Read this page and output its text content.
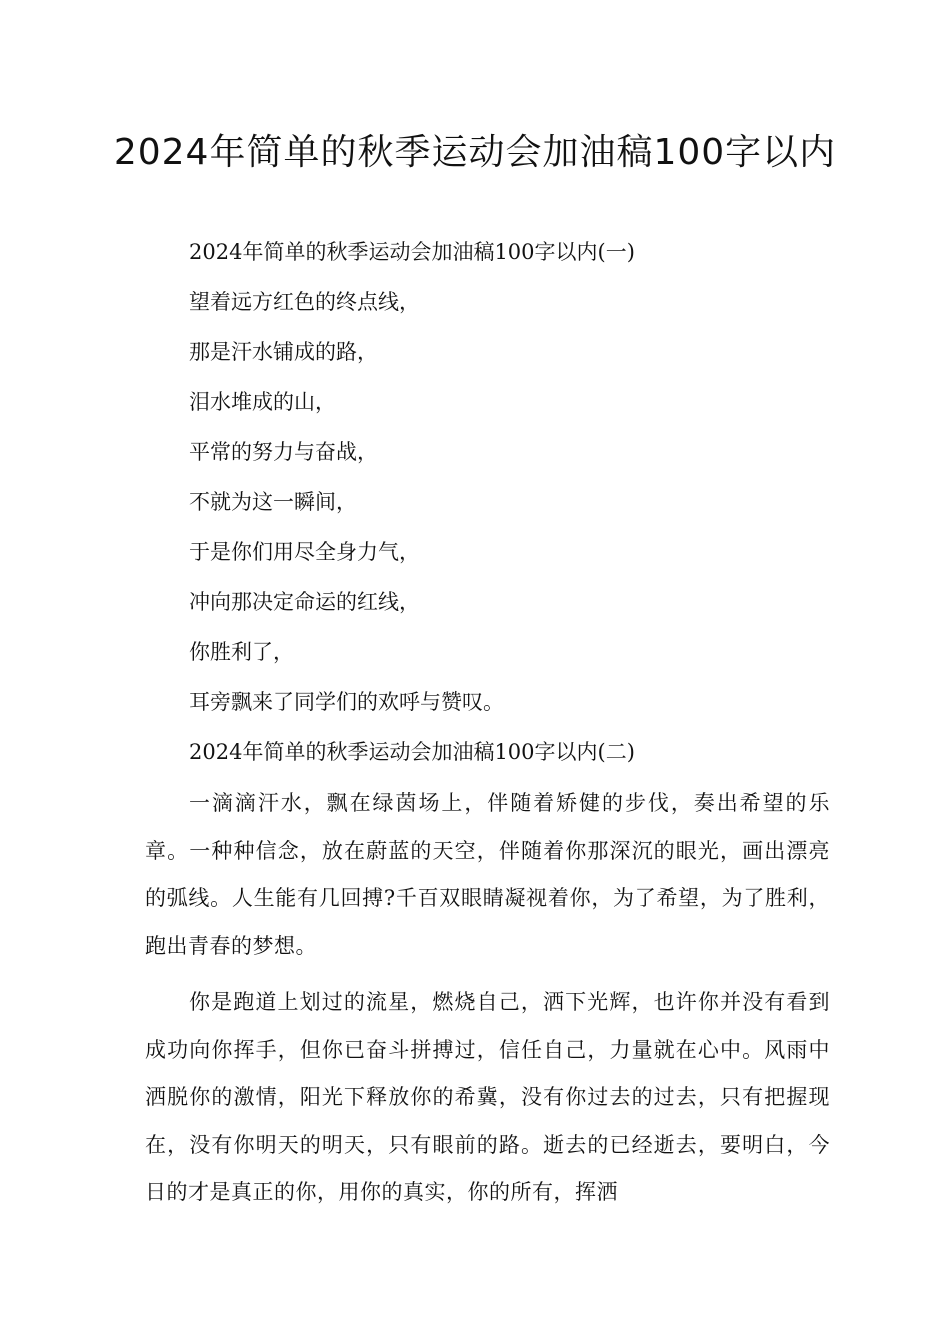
2024年简单的秋季运动会加油稿100字以内

2024年简单的秋季运动会加油稿100字以内(一)

望着远方红色的终点线，

那是汗水铺成的路，

泪水堆成的山，

平常的努力与奋战，

不就为这一瞬间，

于是你们用尽全身力气，

冲向那决定命运的红线，

你胜利了，

耳旁飘来了同学们的欢呼与赞叹。

2024年简单的秋季运动会加油稿100字以内(二)

一滴滴汗水，飘在绿茵场上，伴随着矫健的步伐，奏出希望的乐章。一种种信念，放在蔚蓝的天空，伴随着你那深沉的眼光，画出漂亮的弧线。人生能有几回搏?千百双眼睛凝视着你，为了希望，为了胜利，跑出青春的梦想。

你是跑道上划过的流星，燃烧自己，洒下光辉，也许你并没有看到成功向你挥手，但你已奋斗拼搏过，信任自己，力量就在心中。风雨中洒脱你的激情，阳光下释放你的希冀，没有你过去的过去，只有把握现在，没有你明天的明天，只有眼前的路。逝去的已经逝去，要明白，今日的才是真正的你，用你的真实，你的所有，挥洒
